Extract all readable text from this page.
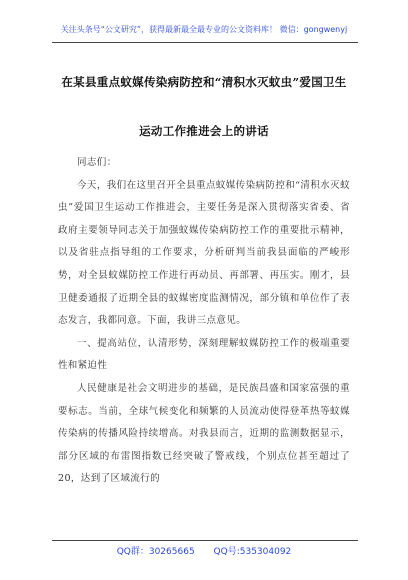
关注头条号“公文研究”，获得最新最全最专业的公文资料库！ 微信：gongwenyj
在某县重点蚊媒传染病防控和“清积水灭蚊虫”爱国卫生
运动工作推进会上的讲话

同志们：

今天，我们在这里召开全县重点蚊媒传染病防控和“清积水灭蚊虫”爱国卫生运动工作推进会，主要任务是深入贯彻落实省委、省政府主要领导同志关于加强蚊媒传染病防控工作的重要批示精神，以及省驻点指导组的工作要求，分析研判当前我县面临的严峻形势，对全县蚊媒防控工作进行再动员、再部署、再压实。刚才，县卫健委通报了近期全县的蚊媒密度监测情况，部分镇和单位作了表态发言，我都同意。下面，我讲三点意见。

一、提高站位，认清形势，深刻理解蚊媒防控工作的极端重要性和紧迫性

人民健康是社会文明进步的基础，是民族昌盛和国家富强的重要标志。当前，全球气候变化和频繁的人员流动使得登革热等蚊媒传染病的传播风险持续增高。对我县而言，近期的监测数据显示，部分区域的布雷图指数已经突破了警戒线，个别点位甚至超过了20，达到了区域流行的

QQ群：30265665 QQ号:535304092
